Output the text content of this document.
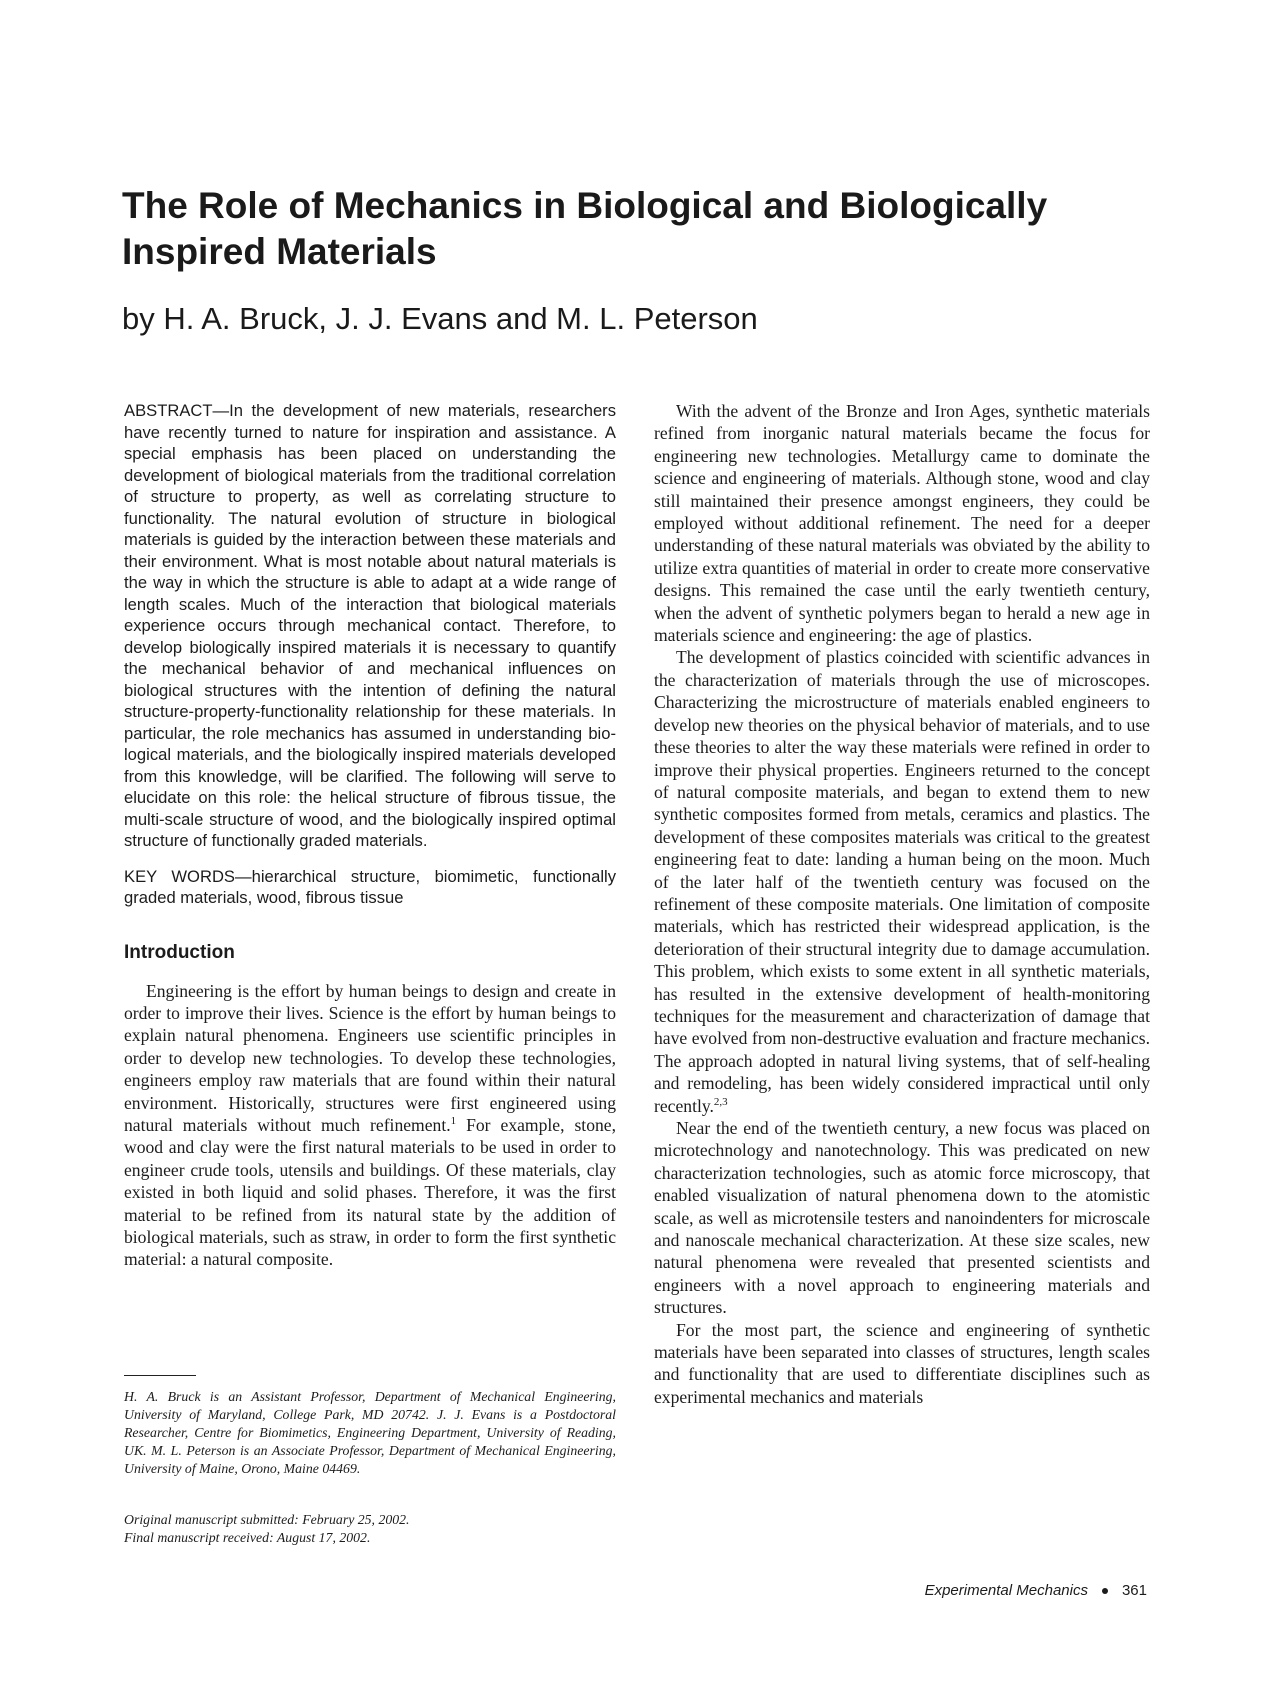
The Role of Mechanics in Biological and Biologically Inspired Materials
by H. A. Bruck, J. J. Evans and M. L. Peterson

ABSTRACT—In the development of new materials, researchers have recently turned to nature for inspiration and assistance. A special emphasis has been placed on understanding the development of biological materials from the traditional correlation of structure to property, as well as correlating structure to functionality. The natural evolution of structure in biological materials is guided by the interaction between these materials and their environment. What is most notable about natural materials is the way in which the structure is able to adapt at a wide range of length scales. Much of the interaction that biological materials experience occurs through mechanical contact. Therefore, to develop biologically inspired materials it is necessary to quantify the mechanical behavior of and mechanical influences on biological structures with the intention of defining the natural structure-property-functionality relationship for these materials. In particular, the role mechanics has assumed in understanding biological materials, and the biologically inspired materials developed from this knowledge, will be clarified. The following will serve to elucidate on this role: the helical structure of fibrous tissue, the multi-scale structure of wood, and the biologically inspired optimal structure of functionally graded materials.

KEY WORDS—hierarchical structure, biomimetic, functionally graded materials, wood, fibrous tissue

Introduction

Engineering is the effort by human beings to design and create in order to improve their lives. Science is the effort by human beings to explain natural phenomena. Engineers use scientific principles in order to develop new technologies. To develop these technologies, engineers employ raw materials that are found within their natural environment. Historically, structures were first engineered using natural materials without much refinement.$^1$ For example, stone, wood and clay were the first natural materials to be used in order to engineer crude tools, utensils and buildings. Of these materials, clay existed in both liquid and solid phases. Therefore, it was the first material to be refined from its natural state by the addition of biological materials, such as straw, in order to form the first synthetic material: a natural composite.

With the advent of the Bronze and Iron Ages, synthetic materials refined from inorganic natural materials became the focus for engineering new technologies. Metallurgy came to dominate the science and engineering of materials. Although stone, wood and clay still maintained their presence amongst engineers, they could be employed without additional refinement. The need for a deeper understanding of these natural materials was obviated by the ability to utilize extra quantities of material in order to create more conservative designs. This remained the case until the early twentieth century, when the advent of synthetic polymers began to herald a new age in materials science and engineering: the age of plastics.

The development of plastics coincided with scientific advances in the characterization of materials through the use of microscopes. Characterizing the microstructure of materials enabled engineers to develop new theories on the physical behavior of materials, and to use these theories to alter the way these materials were refined in order to improve their physical properties. Engineers returned to the concept of natural composite materials, and began to extend them to new synthetic composites formed from metals, ceramics and plastics. The development of these composites materials was critical to the greatest engineering feat to date: landing a human being on the moon. Much of the later half of the twentieth century was focused on the refinement of these composite materials. One limitation of composite materials, which has restricted their widespread application, is the deterioration of their structural integrity due to damage accumulation. This problem, which exists to some extent in all synthetic materials, has resulted in the extensive development of health-monitoring techniques for the measurement and characterization of damage that have evolved from non-destructive evaluation and fracture mechanics. The approach adopted in natural living systems, that of self-healing and remodeling, has been widely considered impractical until only recently.$^{2,3}$

Near the end of the twentieth century, a new focus was placed on microtechnology and nanotechnology. This was predicated on new characterization technologies, such as atomic force microscopy, that enabled visualization of natural phenomena down to the atomistic scale, as well as microtensile testers and nanoindenters for microscale and nanoscale mechanical characterization. At these size scales, new natural phenomena were revealed that presented scientists and engineers with a novel approach to engineering materials and structures.

For the most part, the science and engineering of synthetic materials have been separated into classes of structures, length scales and functionality that are used to differentiate disciplines such as experimental mechanics and materials

H. A. Bruck is an Assistant Professor, Department of Mechanical Engineering, University of Maryland, College Park, MD 20742. J. J. Evans is a Postdoctoral Researcher, Centre for Biomimetics, Engineering Department, University of Reading, UK. M. L. Peterson is an Associate Professor, Department of Mechanical Engineering, University of Maine, Orono, Maine 04469.

Original manuscript submitted: February 25, 2002.
Final manuscript received: August 17, 2002.
Experimental Mechanics 361
